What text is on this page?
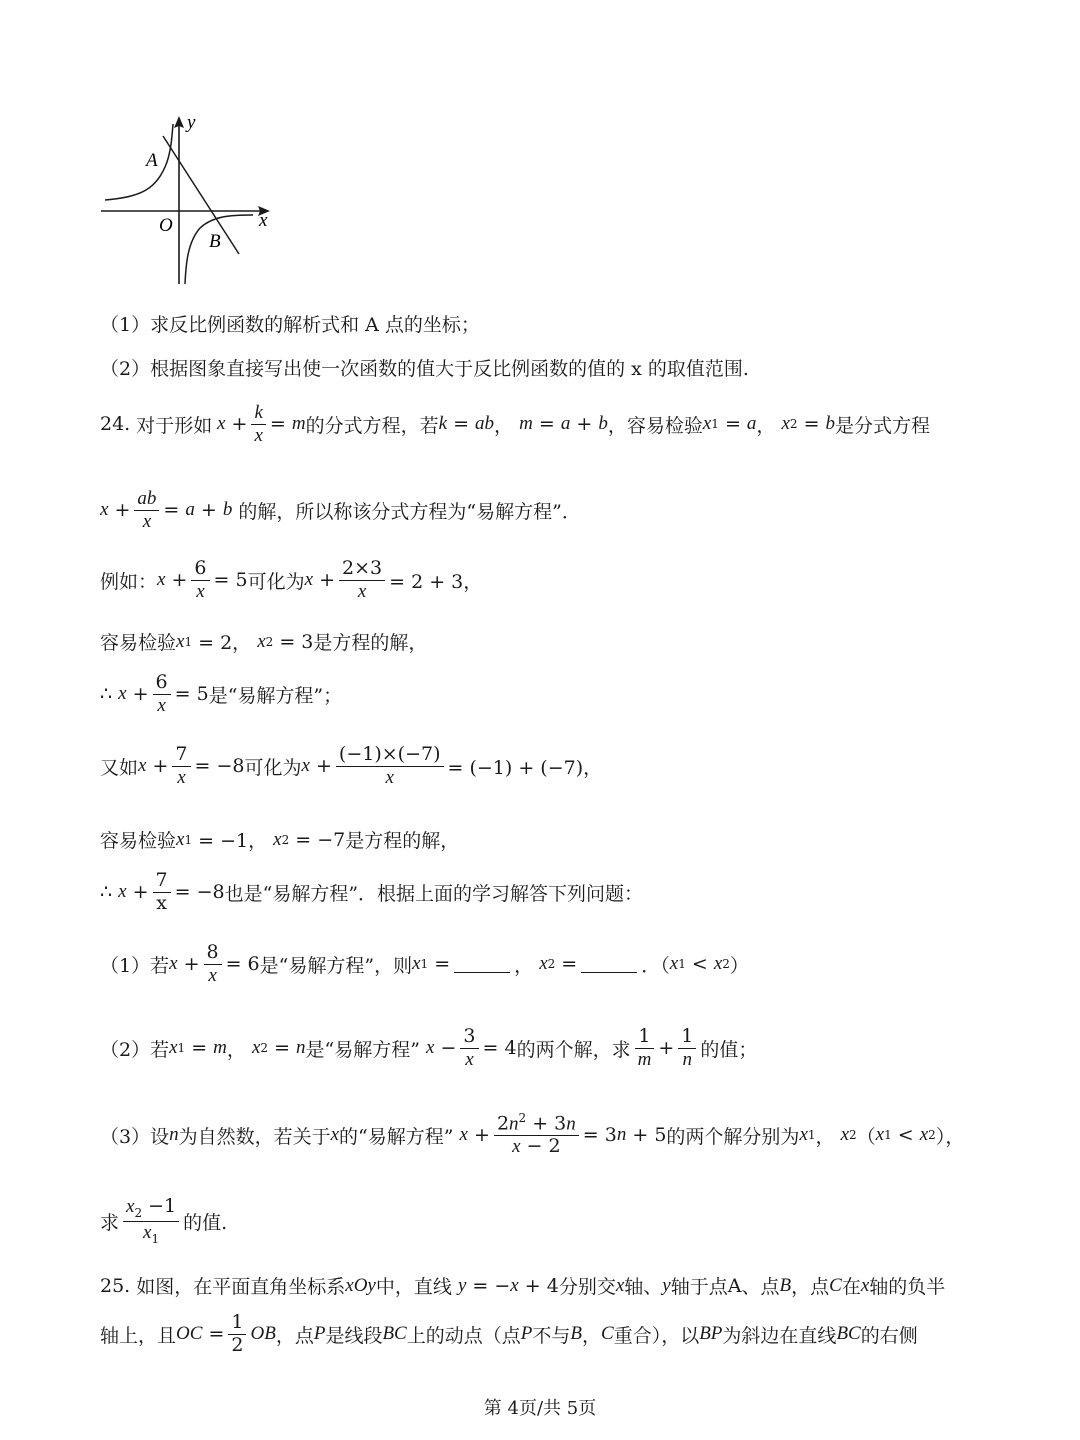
y
x
O
A
B
（1）求反比例函数的解析式和 A 点的坐标；
（2）根据图象直接写出使一次函数的值大于反比例函数的值的 x 的取值范围.
24.
对于形如 $x + \frac{k}{x} = m$ 的分式方程，若 k = ab ， m = a + b ， 容易检验 x 1 = a ， x 2 = b 是分式方程
$x + \frac{ab}{x} = a + b$
的解，所以称该分式方程为“易解方程”．
例如： $x + \frac{6}{x} = 5$ 可化为 $x + \frac{2\times 3}{x} = 2 + 3$，
容易检验 x 1 = 2， x 2 = 3 是方程的解，
∴
$x + \frac{6}{x} = 5$ 是“易解方程”；
又如 $x + \frac{7}{x} = -8$ 可化为 $x + \frac{(-1)\times(-7)}{x} = (-1) + (-7)$，
容易检验 x 1 = −1， x 2 = −7 是方程的解，
∴
$x + \frac{7}{x} = -8$ 也是“易解方程”．根据上面的学习解答下列问题：
（1）若 $x + \frac{8}{x} = 6$ 是“易解方程”，则 x 1 =	， x 2 =	．（ x 1 < x 2 ）
（2）若 x 1 = m ， x 2 = n 是“易解方程”
$x - \frac{3}{x} = 4$ 的两个解，求 $\frac{1}{m} + \frac{1}{n}$ 的值；
（3）设 n 为自然数，若关于 x 的“易解方程”
$x + \frac{2n^2 + 3n}{x - 2} = 3$ n + 5 的两个解分别为 x 1 ， x 2 （ x 1 < x 2 ），
求 $\frac{x_2 -1}{x_1}$ 的值.
25.
如图，在平面直角坐标系 xOy 中，直线
y = − x + 4 分别交 x 轴、 y 轴于点 A 、点 B ，点 C 在 x 轴的负半
轴上，且 OC = $\frac{1}{2}$ OB ，点 P 是线段 BC 上的动点（点 P 不与 B ， C 重合），以 BP 为斜边在直线 BC 的右侧
第 4页/共 5页
